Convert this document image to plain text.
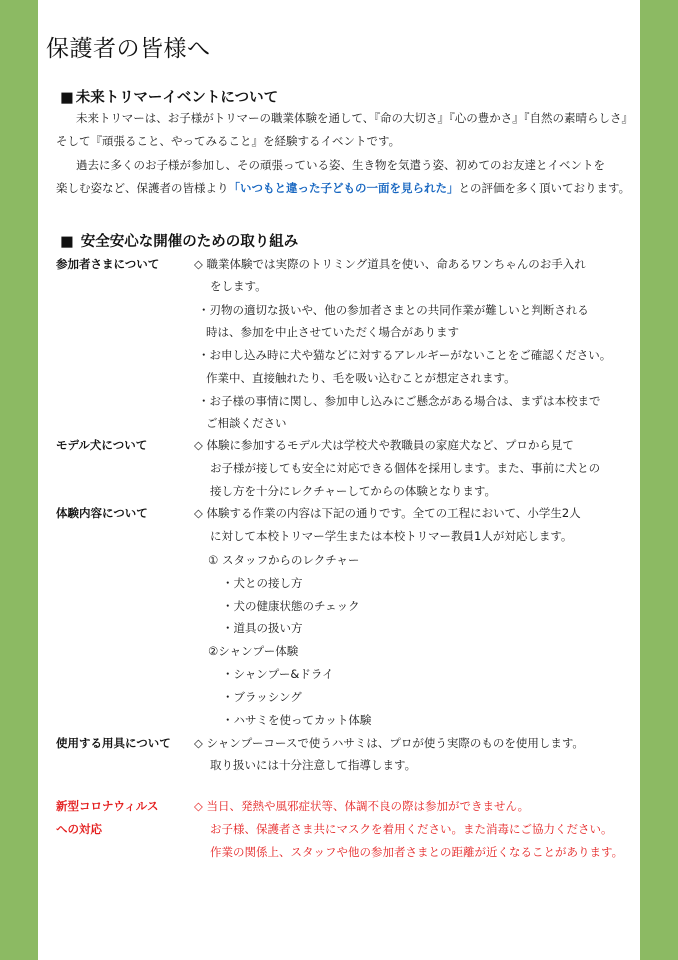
保護者の皆様へ
■ 未来トリマーイベントについて
未来トリマーは、お子様がトリマーの職業体験を通して、『命の大切さ』『心の豊かさ』『自然の素晴らしさ』
そして『頑張ること、やってみること』を経験するイベントです。
過去に多くのお子様が参加し、その頑張っている姿、生き物を気遣う姿、初めてのお友達とイベントを
楽しむ姿など、保護者の皆様より「いつもと違った子どもの一面を見られた」との評価を多く頂いております。
■ 安全安心な開催のための取り組み
参加者さまについて	◇ 職業体験では実際のトリミング道具を使い、命あるワンちゃんのお手入れ
をします。
・刃物の適切な扱いや、他の参加者さまとの共同作業が難しいと判断される
時は、参加を中止させていただく場合があります
・お申し込み時に犬や猫などに対するアレルギーがないことをご確認ください。
作業中、直接触れたり、毛を吸い込むことが想定されます。
・お子様の事情に関し、参加申し込みにご懸念がある場合は、まずは本校まで
ご相談ください
モデル犬について	◇ 体験に参加するモデル犬は学校犬や教職員の家庭犬など、プロから見て
お子様が接しても安全に対応できる個体を採用します。また、事前に犬との
接し方を十分にレクチャーしてからの体験となります。
体験内容について	◇ 体験する作業の内容は下記の通りです。全ての工程において、小学生2人
に対して本校トリマー学生または本校トリマー教員1人が対応します。
① スタッフからのレクチャー
・犬との接し方
・犬の健康状態のチェック
・道具の扱い方
②シャンプー体験
・シャンプー&ドライ
・ブラッシング
・ハサミを使ってカット体験
使用する用具について ◇ シャンプーコースで使うハサミは、プロが使う実際のものを使用します。
取り扱いには十分注意して指導します。
新型コロナウィルス
への対応
◇ 当日、発熱や風邪症状等、体調不良の際は参加ができません。
お子様、保護者さま共にマスクを着用ください。また消毒にご協力ください。
作業の関係上、スタッフや他の参加者さまとの距離が近くなることがあります。
